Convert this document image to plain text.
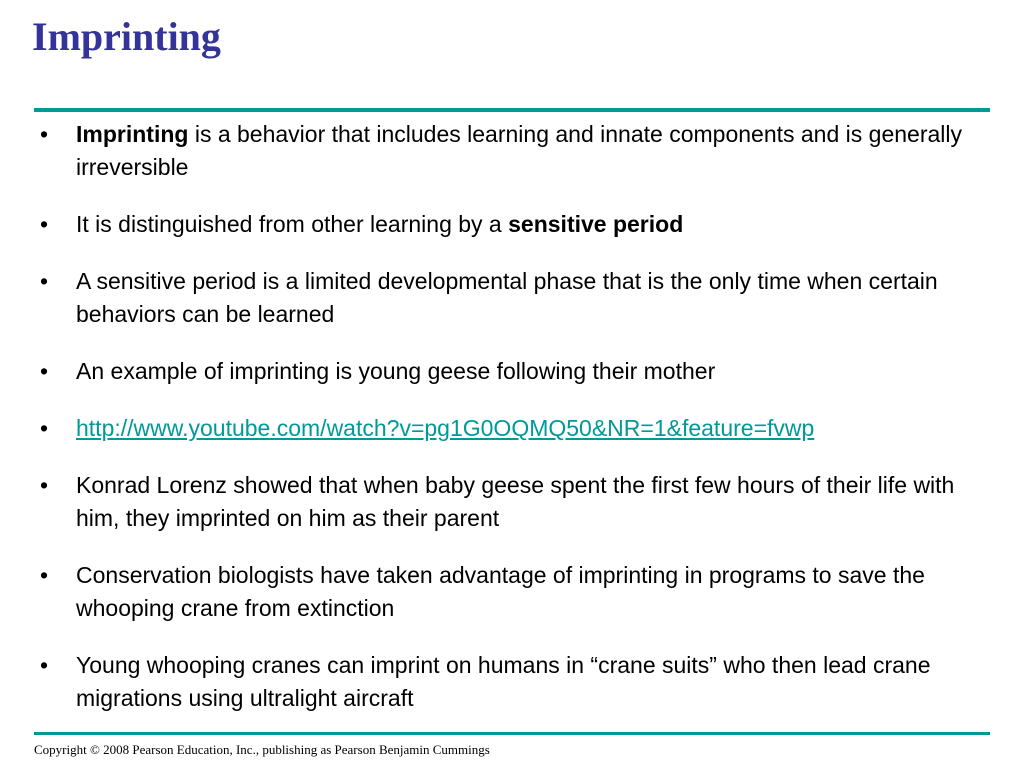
Imprinting
•	Imprinting is a behavior that includes learning and innate components and is generally irreversible
•	It is distinguished from other learning by a sensitive period
•	A sensitive period is a limited developmental phase that is the only time when certain behaviors can be learned
•	An example of imprinting is young geese following their mother
•	http://www.youtube.com/watch?v=pg1G0OQMQ50&NR=1&feature=fvwp
•	Konrad Lorenz showed that when baby geese spent the first few hours of their life with him, they imprinted on him as their parent
•	Conservation biologists have taken advantage of imprinting in programs to save the whooping crane from extinction
•	Young whooping cranes can imprint on humans in “crane suits” who then lead crane migrations using ultralight aircraft
Copyright © 2008 Pearson Education, Inc., publishing as Pearson Benjamin Cummings
